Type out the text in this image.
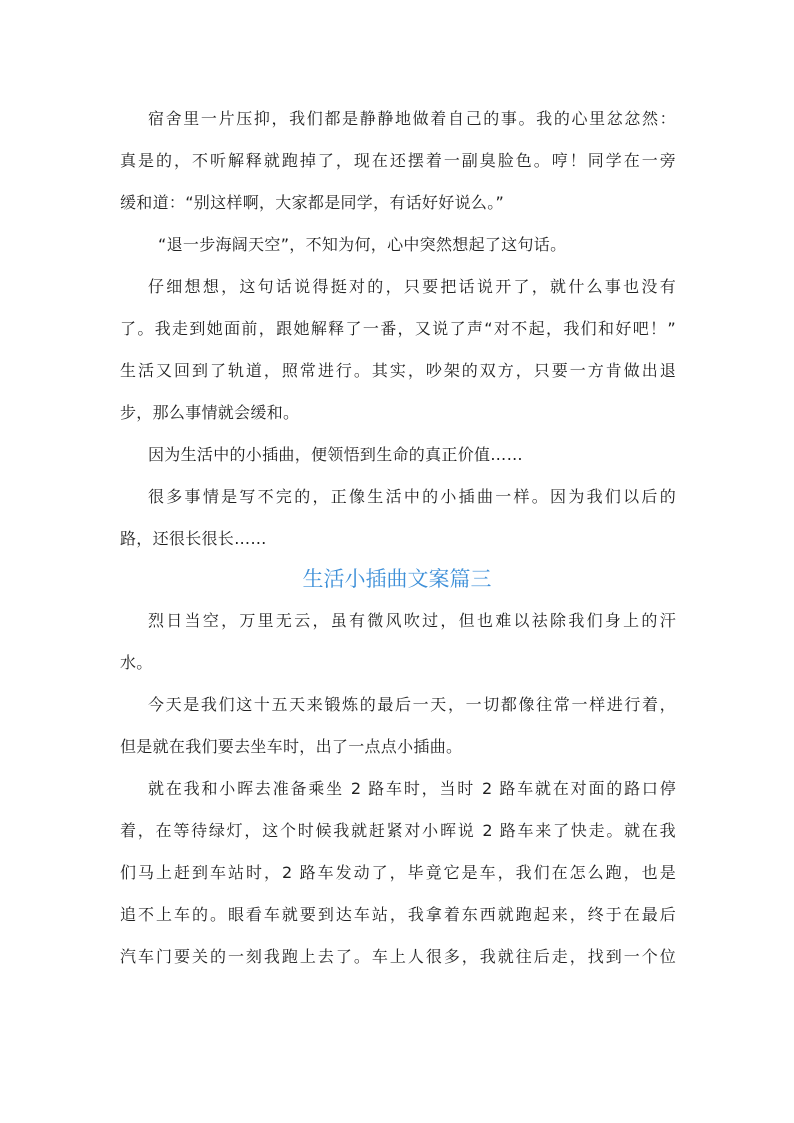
宿舍里一片压抑，我们都是静静地做着自己的事。我的心里忿忿然：
真是的，不听解释就跑掉了，现在还摆着一副臭脸色。哼！同学在一旁
缓和道：“别这样啊，大家都是同学，有话好好说么。”
“退一步海阔天空”，不知为何，心中突然想起了这句话。
仔细想想，这句话说得挺对的，只要把话说开了，就什么事也没有
了。我走到她面前，跟她解释了一番，又说了声“对不起，我们和好吧！”
生活又回到了轨道，照常进行。其实，吵架的双方，只要一方肯做出退
步，那么事情就会缓和。
因为生活中的小插曲，便领悟到生命的真正价值……
很多事情是写不完的，正像生活中的小插曲一样。因为我们以后的
路，还很长很长……
生活小插曲文案篇三
烈日当空，万里无云，虽有微风吹过，但也难以祛除我们身上的汗
水。
今天是我们这十五天来锻炼的最后一天，一切都像往常一样进行着，
但是就在我们要去坐车时，出了一点点小插曲。
就在我和小晖去准备乘坐 2 路车时，当时 2 路车就在对面的路口停
着，在等待绿灯，这个时候我就赶紧对小晖说 2 路车来了快走。就在我
们马上赶到车站时，2 路车发动了，毕竟它是车，我们在怎么跑，也是
追不上车的。眼看车就要到达车站，我拿着东西就跑起来，终于在最后
汽车门要关的一刻我跑上去了。车上人很多，我就往后走，找到一个位
